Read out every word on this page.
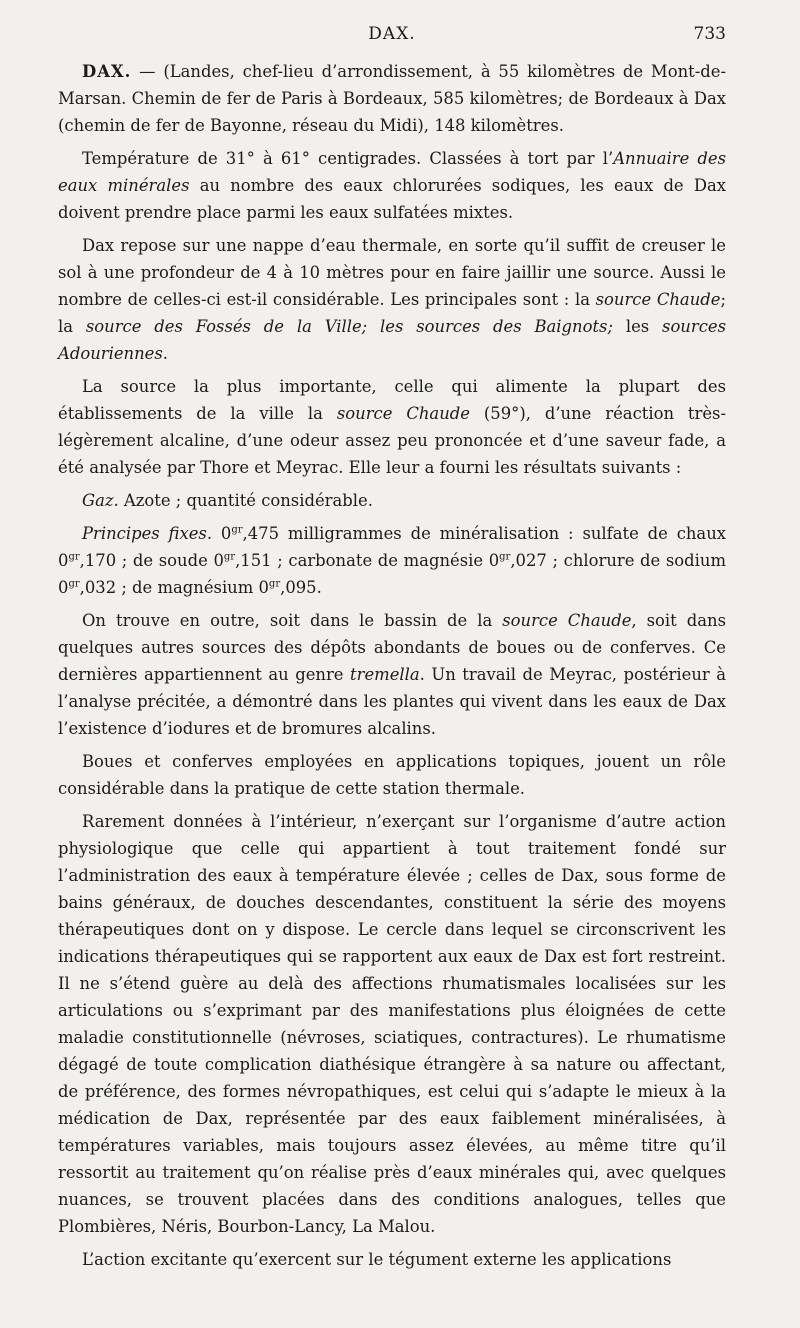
DAX.	733

DAX. — (Landes, chef-lieu d’arrondissement, à 55 kilomètres de Mont-de-Marsan. Chemin de fer de Paris à Bordeaux, 585 kilomètres; de Bordeaux à Dax (chemin de fer de Bayonne, réseau du Midi), 148 kilomètres.

Température de 31° à 61° centigrades. Classées à tort par l’Annuaire des eaux minérales au nombre des eaux chlorurées sodiques, les eaux de Dax doivent prendre place parmi les eaux sulfatées mixtes.

Dax repose sur une nappe d’eau thermale, en sorte qu’il suffit de creuser le sol à une profondeur de 4 à 10 mètres pour en faire jaillir une source. Aussi le nombre de celles-ci est-il considérable. Les principales sont : la source Chaude; la source des Fossés de la Ville; les sources des Baignots; les sources Adouriennes.

La source la plus importante, celle qui alimente la plupart des établissements de la ville la source Chaude (59°), d’une réaction très-légèrement alcaline, d’une odeur assez peu prononcée et d’une saveur fade, a été analysée par Thore et Meyrac. Elle leur a fourni les résultats suivants :

Gaz. Azote ; quantité considérable.

Principes fixes. $0^{gr},475$ milligrammes de minéralisation : sulfate de chaux $0^{gr},170$ ; de soude $0^{gr},151$ ; carbonate de magnésie $0^{gr},027$ ; chlorure de sodium $0^{gr},032$ ; de magnésium $0^{gr},095$.

On trouve en outre, soit dans le bassin de la source Chaude, soit dans quelques autres sources des dépôts abondants de boues ou de conferves. Ce dernières appartiennent au genre tremella. Un travail de Meyrac, postérieur à l’analyse précitée, a démontré dans les plantes qui vivent dans les eaux de Dax l’existence d’iodures et de bromures alcalins.

Boues et conferves employées en applications topiques, jouent un rôle considérable dans la pratique de cette station thermale.

Rarement données à l’intérieur, n’exerçant sur l’organisme d’autre action physiologique que celle qui appartient à tout traitement fondé sur l’administration des eaux à température élevée ; celles de Dax, sous forme de bains généraux, de douches descendantes, constituent la série des moyens thérapeutiques dont on y dispose. Le cercle dans lequel se circonscrivent les indications thérapeutiques qui se rapportent aux eaux de Dax est fort restreint. Il ne s’étend guère au delà des affections rhumatismales localisées sur les articulations ou s’exprimant par des manifestations plus éloignées de cette maladie constitutionnelle (névroses, sciatiques, contractures). Le rhumatisme dégagé de toute complication diathésique étrangère à sa nature ou affectant, de préférence, des formes névropathiques, est celui qui s’adapte le mieux à la médication de Dax, représentée par des eaux faiblement minéralisées, à températures variables, mais toujours assez élevées, au même titre qu’il ressortit au traitement qu’on réalise près d’eaux minérales qui, avec quelques nuances, se trouvent placées dans des conditions analogues, telles que Plombières, Néris, Bourbon-Lancy, La Malou.

L’action excitante qu’exercent sur le tégument externe les applications
